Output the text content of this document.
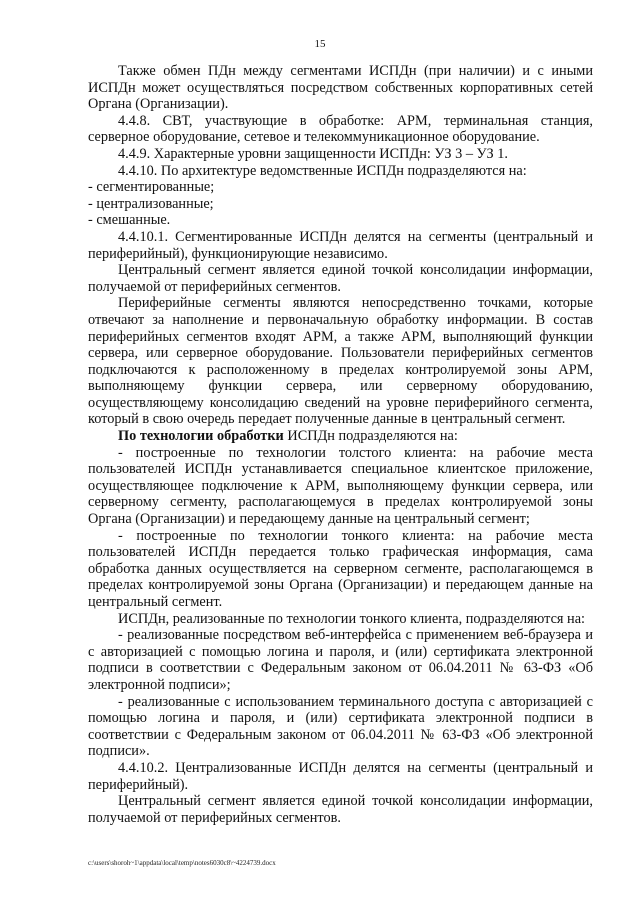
15

Также обмен ПДн между сегментами ИСПДн (при наличии) и с иными ИСПДн может осуществляться посредством собственных корпоративных сетей Органа (Организации).

4.4.8. СВТ, участвующие в обработке: АРМ, терминальная станция, серверное оборудование, сетевое и телекоммуникационное оборудование.

4.4.9. Характерные уровни защищенности ИСПДн: УЗ 3 – УЗ 1.

4.4.10. По архитектуре ведомственные ИСПДн подразделяются на:

- сегментированные;

- централизованные;

- смешанные.

4.4.10.1. Сегментированные ИСПДн делятся на сегменты (центральный и периферийный), функционирующие независимо.

Центральный сегмент является единой точкой консолидации информации, получаемой от периферийных сегментов.

Периферийные сегменты являются непосредственно точками, которые отвечают за наполнение и первоначальную обработку информации. В состав периферийных сегментов входят АРМ, а также АРМ, выполняющий функции сервера, или серверное оборудование. Пользователи периферийных сегментов подключаются к расположенному в пределах контролируемой зоны АРМ, выполняющему функции сервера, или серверному оборудованию, осуществляющему консолидацию сведений на уровне периферийного сегмента, который в свою очередь передает полученные данные в центральный сегмент.

По технологии обработки ИСПДн подразделяются на:

- построенные по технологии толстого клиента: на рабочие места пользователей ИСПДн устанавливается специальное клиентское приложение, осуществляющее подключение к АРМ, выполняющему функции сервера, или серверному сегменту, располагающемуся в пределах контролируемой зоны Органа (Организации) и передающему данные на центральный сегмент;

- построенные по технологии тонкого клиента: на рабочие места пользователей ИСПДн передается только графическая информация, сама обработка данных осуществляется на серверном сегменте, располагающемся в пределах контролируемой зоны Органа (Организации) и передающем данные на центральный сегмент.

ИСПДн, реализованные по технологии тонкого клиента, подразделяются на:

- реализованные посредством веб-интерфейса с применением веб-браузера и с авторизацией с помощью логина и пароля, и (или) сертификата электронной подписи в соответствии с Федеральным законом от 06.04.2011 № 63-ФЗ «Об электронной подписи»;

- реализованные с использованием терминального доступа с авторизацией с помощью логина и пароля, и (или) сертификата электронной подписи в соответствии с Федеральным законом от 06.04.2011 № 63-ФЗ «Об электронной подписи».

4.4.10.2. Централизованные ИСПДн делятся на сегменты (центральный и периферийный).

Центральный сегмент является единой точкой консолидации информации, получаемой от периферийных сегментов.

c:\users\shoroh~1\appdata\local\temp\notes6030c8\~4224739.docx
